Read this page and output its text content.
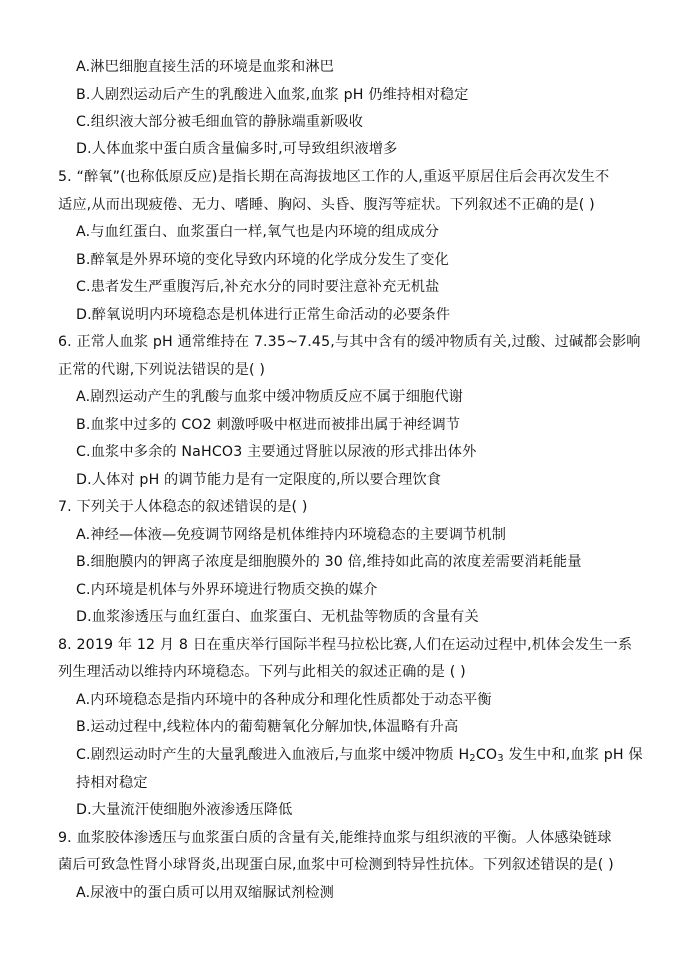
A.淋巴细胞直接生活的环境是血浆和淋巴
B.人剧烈运动后产生的乳酸进入血浆,血浆 pH 仍维持相对稳定
C.组织液大部分被毛细血管的静脉端重新吸收
D.人体血浆中蛋白质含量偏多时,可导致组织液增多
5. “醉氧”(也称低原反应)是指长期在高海拔地区工作的人,重返平原居住后会再次发生不
适应,从而出现疲倦、无力、嗜睡、胸闷、头昏、腹泻等症状。下列叙述不正确的是( )
A.与血红蛋白、血浆蛋白一样,氧气也是内环境的组成成分
B.醉氧是外界环境的变化导致内环境的化学成分发生了变化
C.患者发生严重腹泻后,补充水分的同时要注意补充无机盐
D.醉氧说明内环境稳态是机体进行正常生命活动的必要条件
6. 正常人血浆 pH 通常维持在 7.35~7.45,与其中含有的缓冲物质有关,过酸、过碱都会影响
正常的代谢,下列说法错误的是( )
A.剧烈运动产生的乳酸与血浆中缓冲物质反应不属于细胞代谢
B.血浆中过多的 CO2 刺激呼吸中枢进而被排出属于神经调节
C.血浆中多余的 NaHCO3 主要通过肾脏以尿液的形式排出体外
D.人体对 pH 的调节能力是有一定限度的,所以要合理饮食
7. 下列关于人体稳态的叙述错误的是( )
A.神经—体液—免疫调节网络是机体维持内环境稳态的主要调节机制
B.细胞膜内的钾离子浓度是细胞膜外的 30 倍,维持如此高的浓度差需要消耗能量
C.内环境是机体与外界环境进行物质交换的媒介
D.血浆渗透压与血红蛋白、血浆蛋白、无机盐等物质的含量有关
8. 2019 年 12 月 8 日在重庆举行国际半程马拉松比赛,人们在运动过程中,机体会发生一系
列生理活动以维持内环境稳态。下列与此相关的叙述正确的是 ( )
A.内环境稳态是指内环境中的各种成分和理化性质都处于动态平衡
B.运动过程中,线粒体内的葡萄糖氧化分解加快,体温略有升高
C.剧烈运动时产生的大量乳酸进入血液后,与血浆中缓冲物质 $H_2CO_3$ 发生中和,血浆 pH 保
持相对稳定
D.大量流汗使细胞外液渗透压降低
9. 血浆胶体渗透压与血浆蛋白质的含量有关,能维持血浆与组织液的平衡。人体感染链球
菌后可致急性肾小球肾炎,出现蛋白尿,血浆中可检测到特异性抗体。下列叙述错误的是( )
A.尿液中的蛋白质可以用双缩脲试剂检测
